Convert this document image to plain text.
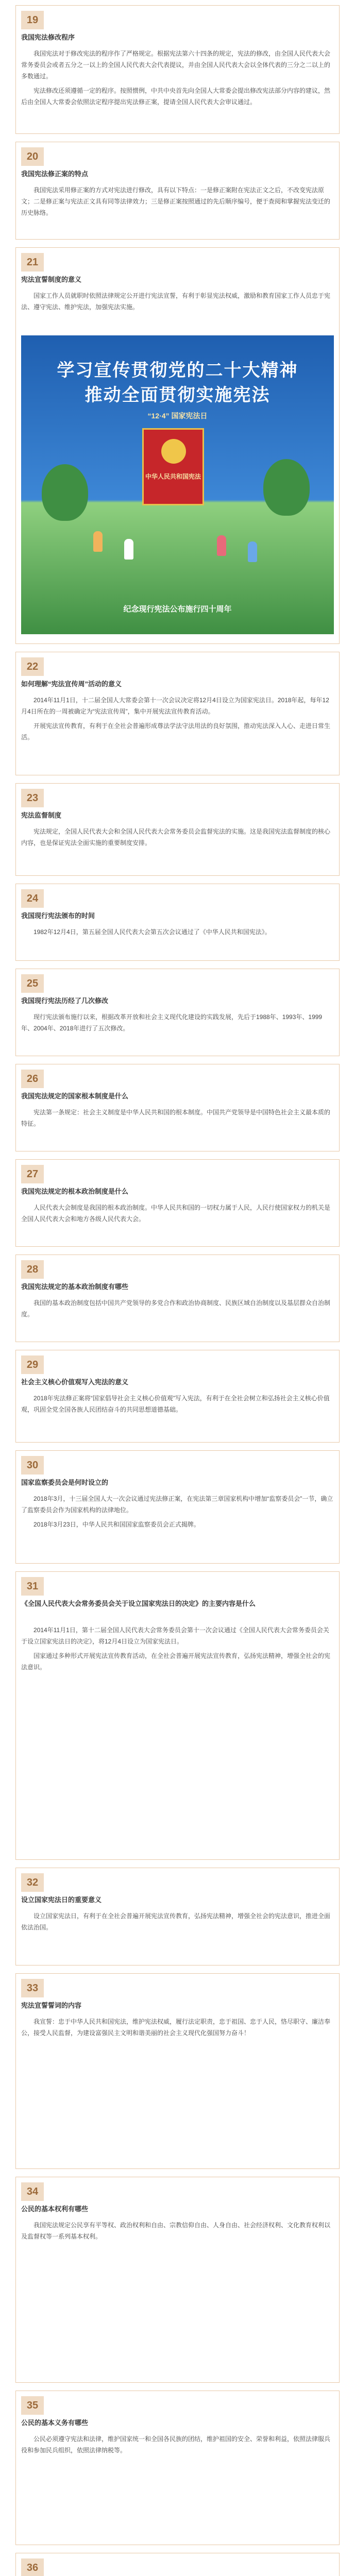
19
我国宪法修改程序

我国宪法对于修改宪法的程序作了严格规定。根据宪法第六十四条的规定，宪法的修改，由全国人民代表大会常务委员会或者五分之一以上的全国人民代表大会代表提议，并由全国人民代表大会以全体代表的三分之二以上的多数通过。

宪法修改还须遵循一定的程序。按照惯例，中共中央首先向全国人大常委会提出修改宪法部分内容的建议，然后由全国人大常委会依照法定程序提出宪法修正案，提请全国人民代表大会审议通过。

20
我国宪法修正案的特点

我国宪法采用修正案的方式对宪法进行修改，具有以下特点：一是修正案附在宪法正文之后，不改变宪法原文；二是修正案与宪法正文具有同等法律效力；三是修正案按照通过的先后顺序编号，便于查阅和掌握宪法变迁的历史脉络。

21
宪法宣誓制度的意义

国家工作人员就职时依照法律规定公开进行宪法宣誓，有利于彰显宪法权威，激励和教育国家工作人员忠于宪法、遵守宪法、维护宪法，加强宪法实施。

学习宣传贯彻党的二十大精神
推动全面贯彻实施宪法
“12·4” 国家宪法日
中华人民共和国宪法
纪念现行宪法公布施行四十周年
22
如何理解“宪法宣传周”活动的意义

2014年11月1日，十二届全国人大常委会第十一次会议决定将12月4日设立为国家宪法日。2018年起，每年12月4日所在的一周被确定为“宪法宣传周”，集中开展宪法宣传教育活动。

开展宪法宣传教育，有利于在全社会普遍形成尊法学法守法用法的良好氛围，推动宪法深入人心、走进日常生活。

23
宪法监督制度

宪法规定，全国人民代表大会和全国人民代表大会常务委员会监督宪法的实施。这是我国宪法监督制度的核心内容，也是保证宪法全面实施的重要制度安排。

24
我国现行宪法颁布的时间

1982年12月4日，第五届全国人民代表大会第五次会议通过了《中华人民共和国宪法》。

25
我国现行宪法历经了几次修改

现行宪法颁布施行以来，根据改革开放和社会主义现代化建设的实践发展，先后于1988年、1993年、1999年、2004年、2018年进行了五次修改。

26
我国宪法规定的国家根本制度是什么

宪法第一条规定：社会主义制度是中华人民共和国的根本制度。中国共产党领导是中国特色社会主义最本质的特征。

27
我国宪法规定的根本政治制度是什么

人民代表大会制度是我国的根本政治制度。中华人民共和国的一切权力属于人民，人民行使国家权力的机关是全国人民代表大会和地方各级人民代表大会。

28
我国宪法规定的基本政治制度有哪些

我国的基本政治制度包括中国共产党领导的多党合作和政治协商制度、民族区域自治制度以及基层群众自治制度。

29
社会主义核心价值观写入宪法的意义

2018年宪法修正案将“国家倡导社会主义核心价值观”写入宪法，有利于在全社会树立和弘扬社会主义核心价值观，巩固全党全国各族人民团结奋斗的共同思想道德基础。

30
国家监察委员会是何时设立的

2018年3月，十三届全国人大一次会议通过宪法修正案，在宪法第三章国家机构中增加“监察委员会”一节，确立了监察委员会作为国家机构的法律地位。

2018年3月23日，中华人民共和国国家监察委员会正式揭牌。

31
《全国人民代表大会常务委员会关于设立国家宪法日的决定》的主要内容是什么

2014年11月1日，第十二届全国人民代表大会常务委员会第十一次会议通过《全国人民代表大会常务委员会关于设立国家宪法日的决定》，将12月4日设立为国家宪法日。

国家通过多种形式开展宪法宣传教育活动，在全社会普遍开展宪法宣传教育，弘扬宪法精神，增强全社会的宪法意识。

32
设立国家宪法日的重要意义

设立国家宪法日，有利于在全社会普遍开展宪法宣传教育，弘扬宪法精神，增强全社会的宪法意识，推进全面依法治国。

33
宪法宣誓誓词的内容

我宣誓：忠于中华人民共和国宪法，维护宪法权威，履行法定职责，忠于祖国、忠于人民，恪尽职守、廉洁奉公，接受人民监督，为建设富强民主文明和谐美丽的社会主义现代化强国努力奋斗！

34
公民的基本权利有哪些

我国宪法规定公民享有平等权、政治权利和自由、宗教信仰自由、人身自由、社会经济权利、文化教育权利以及监督权等一系列基本权利。

35
公民的基本义务有哪些

公民必须遵守宪法和法律，维护国家统一和全国各民族的团结，维护祖国的安全、荣誉和利益，依照法律服兵役和参加民兵组织，依照法律纳税等。

36
